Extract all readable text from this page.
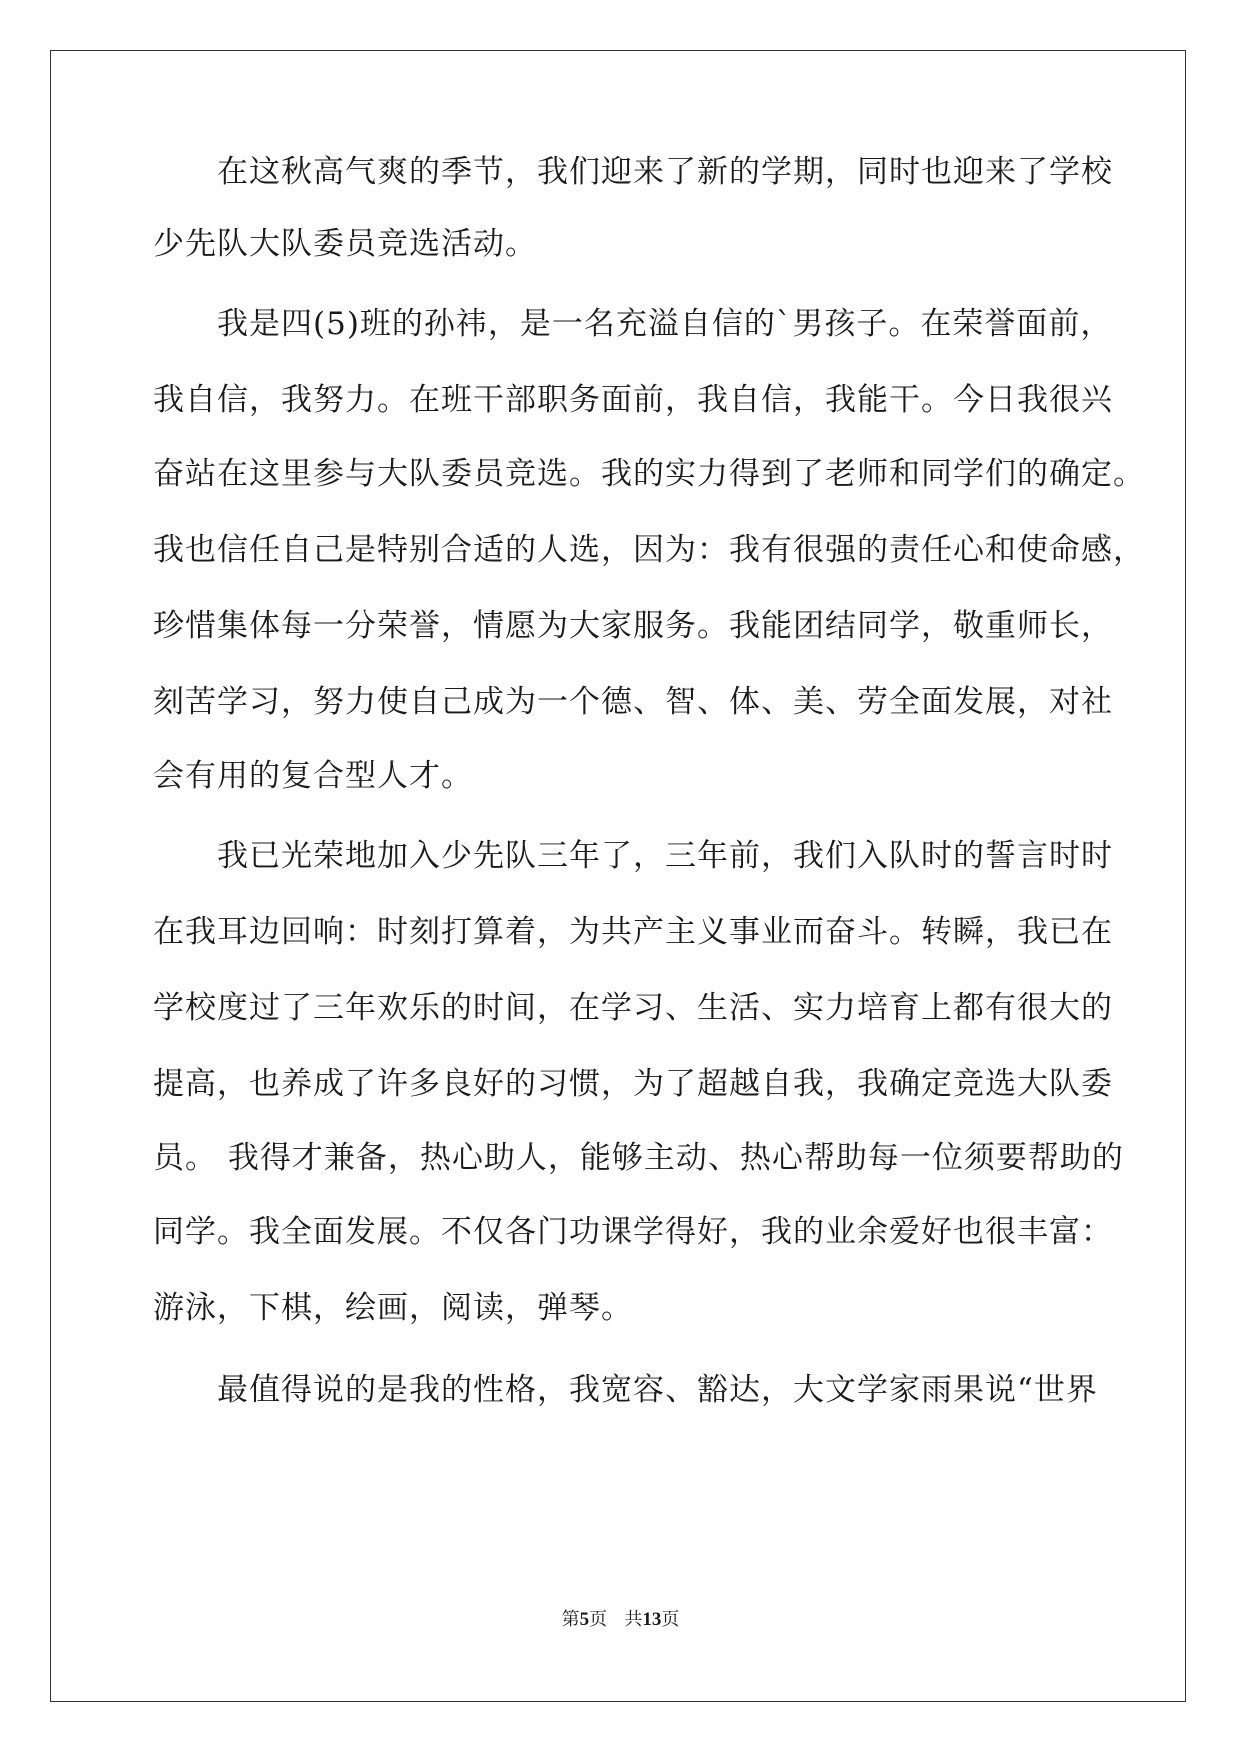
　　在这秋高气爽的季节，我们迎来了新的学期，同时也迎来了学校
少先队大队委员竞选活动。
　　我是四(5)班的孙祎，是一名充溢自信的`男孩子。在荣誉面前，
我自信，我努力。在班干部职务面前，我自信，我能干。今日我很兴
奋站在这里参与大队委员竞选。我的实力得到了老师和同学们的确定。
我也信任自己是特别合适的人选，因为：我有很强的责任心和使命感，
珍惜集体每一分荣誉，情愿为大家服务。我能团结同学，敬重师长，
刻苦学习，努力使自己成为一个德、智、体、美、劳全面发展，对社
会有用的复合型人才。
　　我已光荣地加入少先队三年了，三年前，我们入队时的誓言时时
在我耳边回响：时刻打算着，为共产主义事业而奋斗。转瞬，我已在
学校度过了三年欢乐的时间，在学习、生活、实力培育上都有很大的
提高，也养成了许多良好的习惯，为了超越自我，我确定竞选大队委
员。 我得才兼备，热心助人，能够主动、热心帮助每一位须要帮助的
同学。我全面发展。不仅各门功课学得好，我的业余爱好也很丰富：
游泳，下棋，绘画，阅读，弹琴。
　　最值得说的是我的性格，我宽容、豁达，大文学家雨果说“世界
第5页 共13页
